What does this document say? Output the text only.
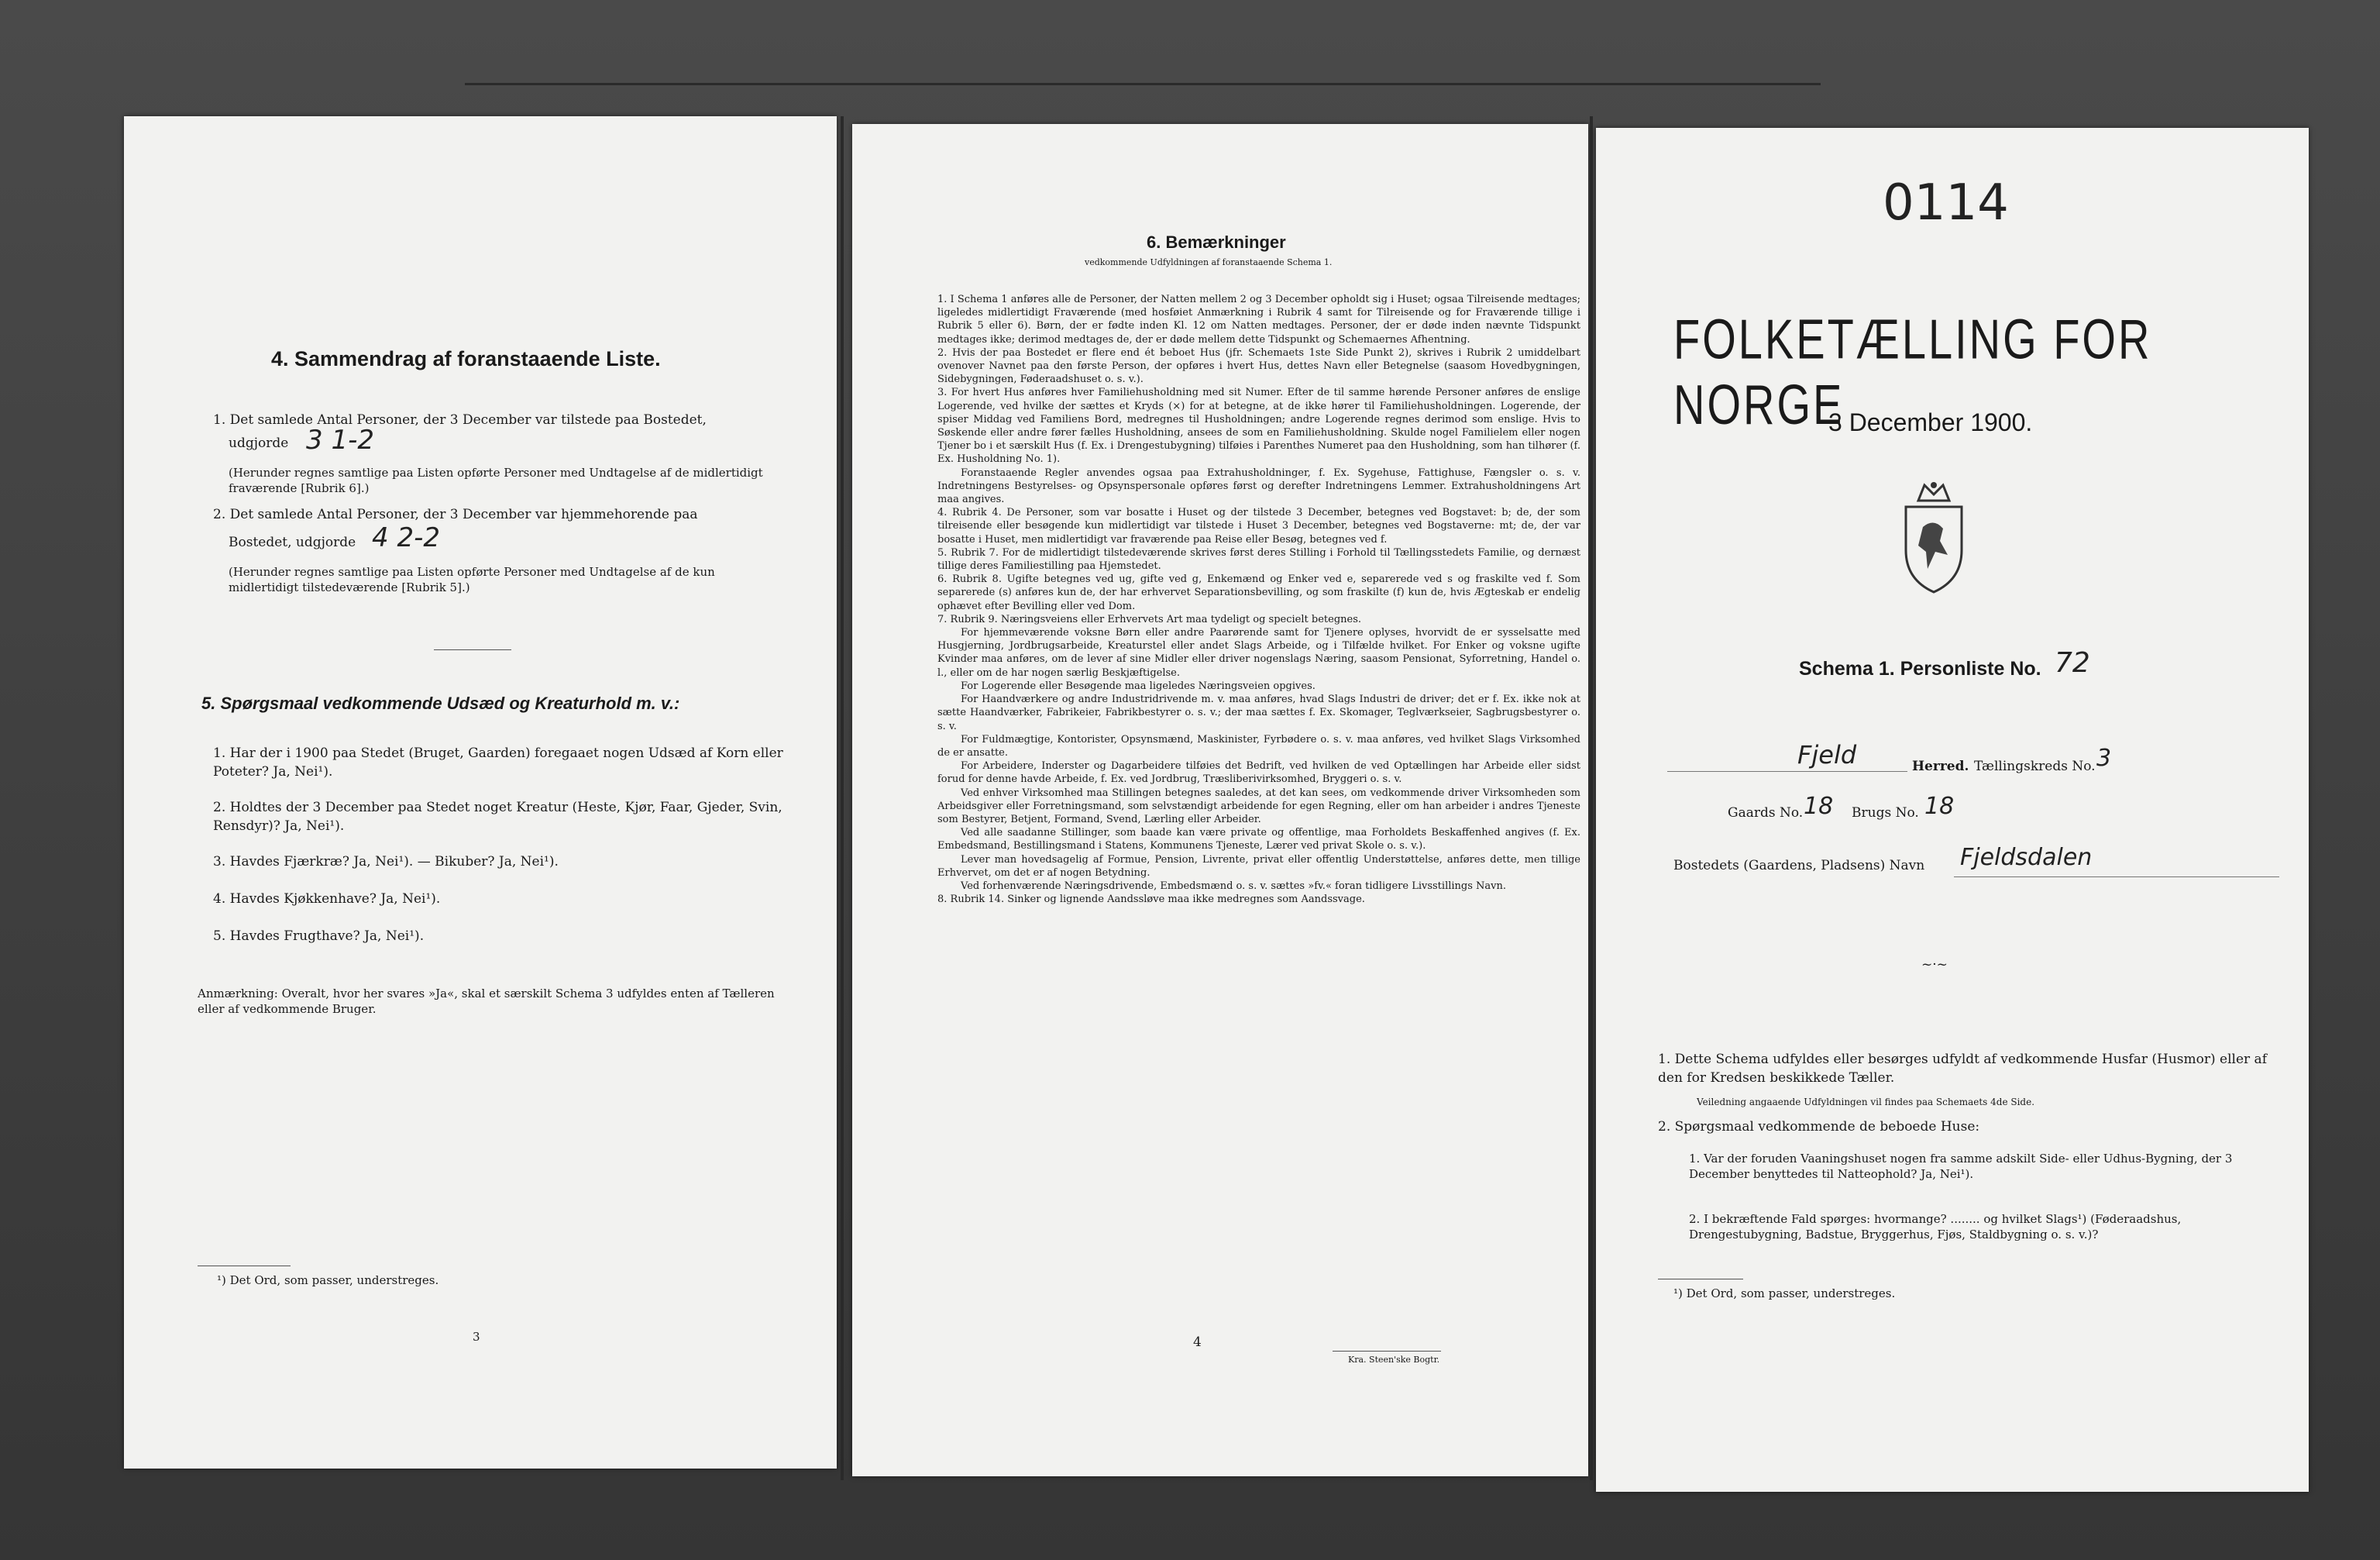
4. Sammendrag af foranstaaende Liste.
1. Det samlede Antal Personer, der 3 December var tilstede paa Bostedet,
udgjorde 3 1-2
(Herunder regnes samtlige paa Listen opførte Personer med Undtagelse af de midlertidigt fraværende [Rubrik 6].)
2. Det samlede Antal Personer, der 3 December var hjemmehorende paa
Bostedet, udgjorde 4 2-2
(Herunder regnes samtlige paa Listen opførte Personer med Undtagelse af de kun midlertidigt tilstedeværende [Rubrik 5].)
5. Spørgsmaal vedkommende Udsæd og Kreaturhold m. v.:
1. Har der i 1900 paa Stedet (Bruget, Gaarden) foregaaet nogen Udsæd af Korn eller Poteter? Ja, Nei¹).
2. Holdtes der 3 December paa Stedet noget Kreatur (Heste, Kjør, Faar, Gjeder, Svin, Rensdyr)? Ja, Nei¹).
3. Havdes Fjærkræ? Ja, Nei¹). — Bikuber? Ja, Nei¹).
4. Havdes Kjøkkenhave? Ja, Nei¹).
5. Havdes Frugthave? Ja, Nei¹).
Anmærkning: Overalt, hvor her svares »Ja«, skal et særskilt Schema 3 udfyldes enten af Tælleren eller af vedkommende Bruger.
¹) Det Ord, som passer, understreges.
3
6. Bemærkninger
vedkommende Udfyldningen af foranstaaende Schema 1.

1. I Schema 1 anføres alle de Personer, der Natten mellem 2 og 3 December opholdt sig i Huset; ogsaa Tilreisende medtages; ligeledes midlertidigt Fraværende (med hosføiet Anmærkning i Rubrik 4 samt for Tilreisende og for Fraværende tillige i Rubrik 5 eller 6). Børn, der er fødte inden Kl. 12 om Natten medtages. Personer, der er døde inden nævnte Tidspunkt medtages ikke; derimod medtages de, der er døde mellem dette Tidspunkt og Schemaernes Afhentning.

2. Hvis der paa Bostedet er flere end ét beboet Hus (jfr. Schemaets 1ste Side Punkt 2), skrives i Rubrik 2 umiddelbart ovenover Navnet paa den første Person, der opføres i hvert Hus, dettes Navn eller Betegnelse (saasom Hovedbygningen, Sidebygningen, Føderaadshuset o. s. v.).

3. For hvert Hus anføres hver Familiehusholdning med sit Numer. Efter de til samme hørende Personer anføres de enslige Logerende, ved hvilke der sættes et Kryds (×) for at betegne, at de ikke hører til Familiehusholdningen. Logerende, der spiser Middag ved Familiens Bord, medregnes til Husholdningen; andre Logerende regnes derimod som enslige. Hvis to Søskende eller andre fører fælles Husholdning, ansees de som en Familiehusholdning. Skulde nogel Familielem eller nogen Tjener bo i et særskilt Hus (f. Ex. i Drengestubygning) tilføies i Parenthes Numeret paa den Husholdning, som han tilhører (f. Ex. Husholdning No. 1).

Foranstaaende Regler anvendes ogsaa paa Extrahusholdninger, f. Ex. Sygehuse, Fattighuse, Fængsler o. s. v. Indretningens Bestyrelses- og Opsynspersonale opføres først og derefter Indretningens Lemmer. Extrahusholdningens Art maa angives.

4. Rubrik 4. De Personer, som var bosatte i Huset og der tilstede 3 December, betegnes ved Bogstavet: b; de, der som tilreisende eller besøgende kun midlertidigt var tilstede i Huset 3 December, betegnes ved Bogstaverne: mt; de, der var bosatte i Huset, men midlertidigt var fraværende paa Reise eller Besøg, betegnes ved f.

5. Rubrik 7. For de midlertidigt tilstedeværende skrives først deres Stilling i Forhold til Tællingsstedets Familie, og dernæst tillige deres Familiestilling paa Hjemstedet.

6. Rubrik 8. Ugifte betegnes ved ug, gifte ved g, Enkemænd og Enker ved e, separerede ved s og fraskilte ved f. Som separerede (s) anføres kun de, der har erhvervet Separationsbevilling, og som fraskilte (f) kun de, hvis Ægteskab er endelig ophævet efter Bevilling eller ved Dom.

7. Rubrik 9. Næringsveiens eller Erhvervets Art maa tydeligt og specielt betegnes.

For hjemmeværende voksne Børn eller andre Paarørende samt for Tjenere oplyses, hvorvidt de er sysselsatte med Husgjerning, Jordbrugsarbeide, Kreaturstel eller andet Slags Arbeide, og i Tilfælde hvilket. For Enker og voksne ugifte Kvinder maa anføres, om de lever af sine Midler eller driver nogenslags Næring, saasom Pensionat, Syforretning, Handel o. l., eller om de har nogen særlig Beskjæftigelse.

For Logerende eller Besøgende maa ligeledes Næringsveien opgives.

For Haandværkere og andre Industridrivende m. v. maa anføres, hvad Slags Industri de driver; det er f. Ex. ikke nok at sætte Haandværker, Fabrikeier, Fabrikbestyrer o. s. v.; der maa sættes f. Ex. Skomager, Teglværkseier, Sagbrugsbestyrer o. s. v.

For Fuldmægtige, Kontorister, Opsynsmænd, Maskinister, Fyrbødere o. s. v. maa anføres, ved hvilket Slags Virksomhed de er ansatte.

For Arbeidere, Inderster og Dagarbeidere tilføies det Bedrift, ved hvilken de ved Optællingen har Arbeide eller sidst forud for denne havde Arbeide, f. Ex. ved Jordbrug, Træsliberivirksomhed, Bryggeri o. s. v.

Ved enhver Virksomhed maa Stillingen betegnes saaledes, at det kan sees, om vedkommende driver Virksomheden som Arbeidsgiver eller Forretningsmand, som selvstændigt arbeidende for egen Regning, eller om han arbeider i andres Tjeneste som Bestyrer, Betjent, Formand, Svend, Lærling eller Arbeider.

Ved alle saadanne Stillinger, som baade kan være private og offentlige, maa Forholdets Beskaffenhed angives (f. Ex. Embedsmand, Bestillingsmand i Statens, Kommunens Tjeneste, Lærer ved privat Skole o. s. v.).

Lever man hovedsagelig af Formue, Pension, Livrente, privat eller offentlig Understøttelse, anføres dette, men tillige Erhvervet, om det er af nogen Betydning.

Ved forhenværende Næringsdrivende, Embedsmænd o. s. v. sættes »fv.« foran tidligere Livsstillings Navn.

8. Rubrik 14. Sinker og lignende Aandssløve maa ikke medregnes som Aandssvage.

4
Kra. Steen'ske Bogtr.
0114
FOLKETÆLLING FOR NORGE
3 December 1900.
Schema 1. Personliste No. 72
Fjeld	Herred. Tællingskreds No. 3
Gaards No. 18 Brugs No. 18
Bostedets (Gaardens, Pladsens) Navn Fjeldsdalen
~·~
1. Dette Schema udfyldes eller besørges udfyldt af vedkommende Husfar (Husmor) eller af den for Kredsen beskikkede Tæller.
Veiledning angaaende Udfyldningen vil findes paa Schemaets 4de Side.
2. Spørgsmaal vedkommende de beboede Huse:
1. Var der foruden Vaaningshuset nogen fra samme adskilt Side- eller Udhus-Bygning, der 3 December benyttedes til Natteophold? Ja, Nei¹).
2. I bekræftende Fald spørges: hvormange? ........ og hvilket Slags¹) (Føderaadshus, Drengestubygning, Badstue, Bryggerhus, Fjøs, Staldbygning o. s. v.)?
¹) Det Ord, som passer, understreges.
